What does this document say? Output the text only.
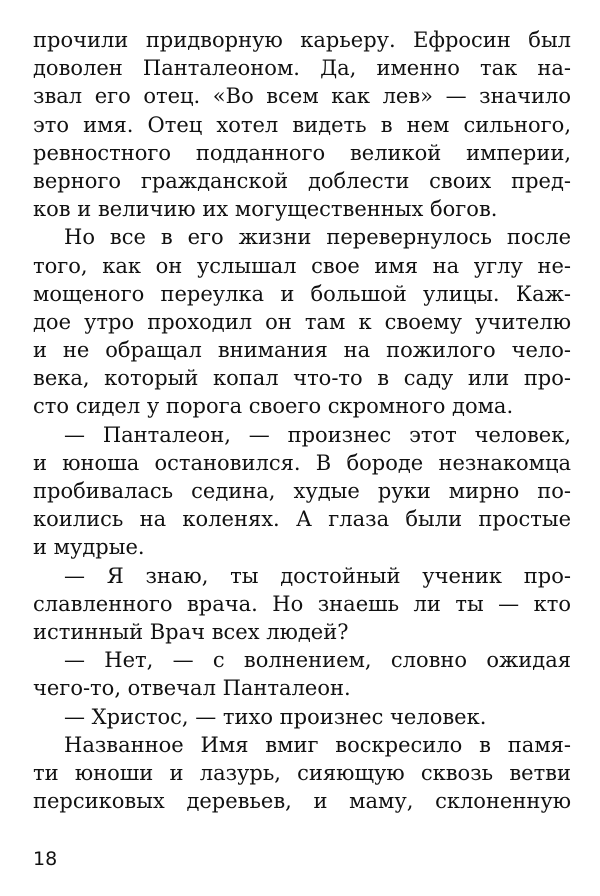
прочили придворную карьеру. Ефросин был
доволен Панталеоном. Да, именно так на-
звал его отец. «Во всем как лев» — значило
это имя. Отец хотел видеть в нем сильного,
ревностного подданного великой империи,
верного гражданской доблести своих пред-
ков и величию их могущественных богов.
Но все в его жизни перевернулось после
того, как он услышал свое имя на углу не-
мощеного переулка и большой улицы. Каж-
дое утро проходил он там к своему учителю
и не обращал внимания на пожилого чело-
века, который копал что-то в саду или про-
сто сидел у порога своего скромного дома.
— Панталеон, — произнес этот человек,
и юноша остановился. В бороде незнакомца
пробивалась седина, худые руки мирно по-
коились на коленях. А глаза были простые
и мудрые.
— Я знаю, ты достойный ученик про-
славленного врача. Но знаешь ли ты — кто
истинный Врач всех людей?
— Нет, — с волнением, словно ожидая
чего-то, отвечал Панталеон.
— Христос, — тихо произнес человек.
Названное Имя вмиг воскресило в памя-
ти юноши и лазурь, сияющую сквозь ветви
персиковых деревьев, и маму, склоненную
18
